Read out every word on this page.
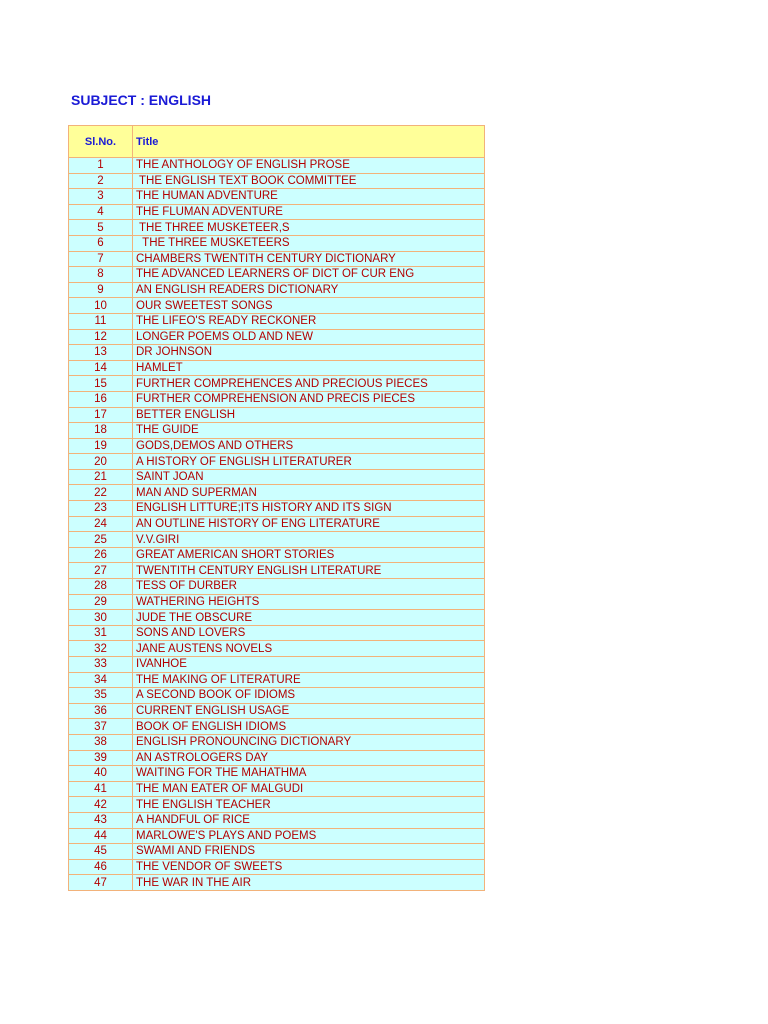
SUBJECT : ENGLISH
Sl.No.	Title
1	THE ANTHOLOGY OF ENGLISH PROSE
2	THE ENGLISH TEXT BOOK COMMITTEE
3	THE HUMAN ADVENTURE
4	THE FLUMAN ADVENTURE
5	THE THREE MUSKETEER,S
6	THE THREE MUSKETEERS
7	CHAMBERS TWENTITH CENTURY DICTIONARY
8	THE ADVANCED LEARNERS OF DICT OF CUR ENG
9	AN ENGLISH READERS DICTIONARY
10	OUR SWEETEST SONGS
11	THE LIFEO'S READY RECKONER
12	LONGER POEMS OLD AND NEW
13	DR JOHNSON
14	HAMLET
15	FURTHER COMPREHENCES AND PRECIOUS PIECES
16	FURTHER COMPREHENSION AND PRECIS PIECES
17	BETTER ENGLISH
18	THE GUIDE
19	GODS,DEMOS AND OTHERS
20	A HISTORY OF ENGLISH LITERATURER
21	SAINT JOAN
22	MAN AND SUPERMAN
23	ENGLISH LITTURE;ITS HISTORY AND ITS SIGN
24	AN OUTLINE HISTORY OF ENG LITERATURE
25	V.V.GIRI
26	GREAT AMERICAN SHORT STORIES
27	TWENTITH CENTURY ENGLISH LITERATURE
28	TESS OF DURBER
29	WATHERING HEIGHTS
30	JUDE THE OBSCURE
31	SONS AND LOVERS
32	JANE AUSTENS NOVELS
33	IVANHOE
34	THE MAKING OF LITERATURE
35	A SECOND BOOK OF IDIOMS
36	CURRENT ENGLISH USAGE
37	BOOK OF ENGLISH IDIOMS
38	ENGLISH PRONOUNCING DICTIONARY
39	AN ASTROLOGERS DAY
40	WAITING FOR THE MAHATHMA
41	THE MAN EATER OF MALGUDI
42	THE ENGLISH TEACHER
43	A HANDFUL OF RICE
44	MARLOWE'S PLAYS AND POEMS
45	SWAMI AND FRIENDS
46	THE VENDOR OF SWEETS
47	THE WAR IN THE AIR
